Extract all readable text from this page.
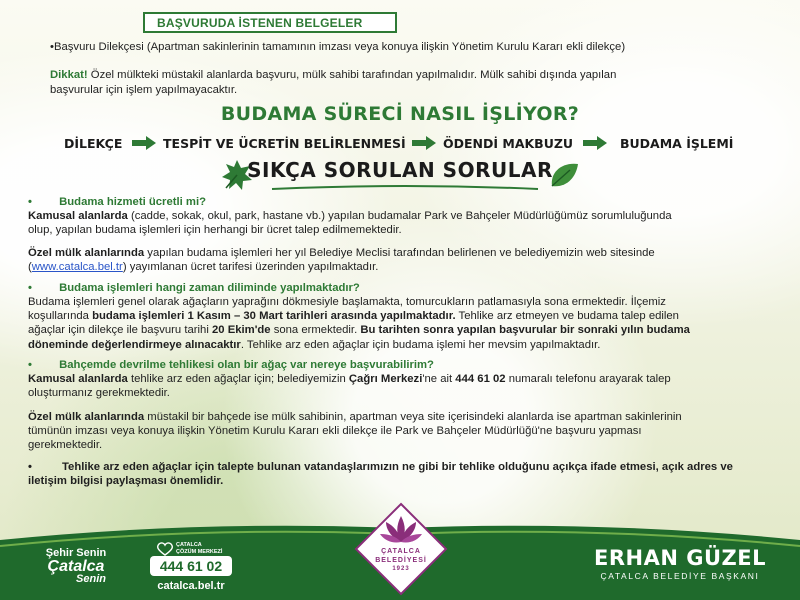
BAŞVURUDA İSTENEN BELGELER
•Başvuru Dilekçesi (Apartman sakinlerinin tamamının imzası veya konuya ilişkin Yönetim Kurulu Kararı ekli dilekçe)
Dikkat! Özel mülkteki müstakil alanlarda başvuru, mülk sahibi tarafından yapılmalıdır. Mülk sahibi dışında yapılan
başvurular için işlem yapılmayacaktır.
BUDAMA SÜRECİ NASIL İŞLİYOR?
DİLEKÇE	TESPİT VE ÜCRETİN BELİRLENMESİ	ÖDENDİ MAKBUZU	BUDAMA İŞLEMİ
SIKÇA SORULAN SORULAR
• Budama hizmeti ücretli mi?
Kamusal alanlarda (cadde, sokak, okul, park, hastane vb.) yapılan budamalar Park ve Bahçeler Müdürlüğümüz sorumluluğunda
olup, yapılan budama işlemleri için herhangi bir ücret talep edilmemektedir.
Özel mülk alanlarında yapılan budama işlemleri her yıl Belediye Meclisi tarafından belirlenen ve belediyemizin web sitesinde
(www.catalca.bel.tr) yayımlanan ücret tarifesi üzerinden yapılmaktadır.
• Budama işlemleri hangi zaman diliminde yapılmaktadır?
Budama işlemleri genel olarak ağaçların yaprağını dökmesiyle başlamakta, tomurcukların patlamasıyla sona ermektedir. İlçemiz
koşullarında budama işlemleri 1 Kasım – 30 Mart tarihleri arasında yapılmaktadır. Tehlike arz etmeyen ve budama talep edilen
ağaçlar için dilekçe ile başvuru tarihi 20 Ekim'de sona ermektedir. Bu tarihten sonra yapılan başvurular bir sonraki yılın budama
döneminde değerlendirmeye alınacaktır. Tehlike arz eden ağaçlar için budama işlemi her mevsim yapılmaktadır.
• Bahçemde devrilme tehlikesi olan bir ağaç var nereye başvurabilirim?
Kamusal alanlarda tehlike arz eden ağaçlar için; belediyemizin Çağrı Merkezi'ne ait 444 61 02 numaralı telefonu arayarak talep
oluşturmanız gerekmektedir.
Özel mülk alanlarında müstakil bir bahçede ise mülk sahibinin, apartman veya site içerisindeki alanlarda ise apartman sakinlerinin
tümünün imzası veya konuya ilişkin Yönetim Kurulu Kararı ekli dilekçe ile Park ve Bahçeler Müdürlüğü'ne başvuru yapması
gerekmektedir.
•	Tehlike arz eden ağaçlar için talepte bulunan vatandaşlarımızın ne gibi bir tehlike olduğunu açıkça ifade etmesi, açık adres ve
iletişim bilgisi paylaşması önemlidir.
Şehir Senin
Çatalca
Senin
ÇATALCA
ÇÖZÜM MERKEZİ
444 61 02
catalca.bel.tr
ÇATALCA
BELEDİYESİ
1923	ERHAN GÜZEL
ÇATALCA BELEDİYE BAŞKANI
